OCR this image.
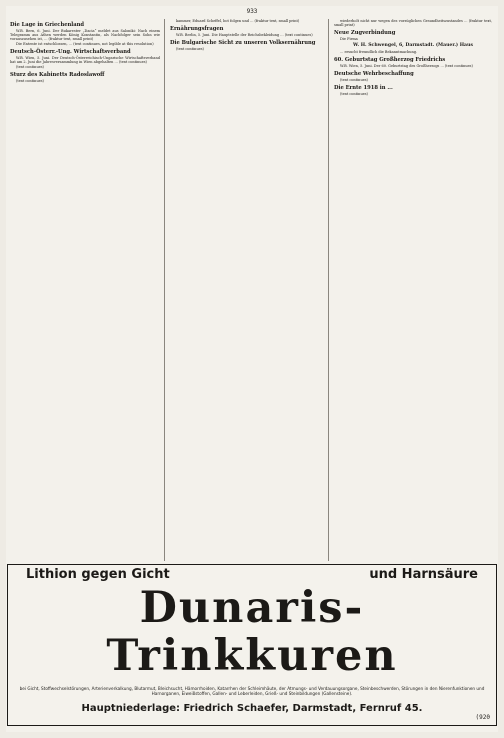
933
Die Lage in Griechenland
W.B. Bern, 6. Juni. Der Bukarester „Dacia“ meldet aus Saloniki: Nach einem Telegramm aus Athen werden König Konstantin, als Nachfolger sein Sohn wie vorauszusehen ist, ... (fraktur text, small print)
Die Entente ist entschlossen, ... (text continues, not legible at this resolution)
Deutsch-Österr.-Ung. Wirtschaftsverband
W.B. Wien, 5. Juni. Der Deutsch-Österreichisch-Ungarische Wirtschaftsverband hat am 2. Juni die Jahresversammlung in Wien abgehalten ... (text continues)
(text continues)
Sturz des Kabinetts Radoslawoff
(text continues)
kammer, Eduard Scheffel, bot folgen und ... (fraktur text, small print)
Ernährungsfragen
W.B. Berlin, 5. Juni. Die Hauptstelle der Reichsbekleidung ... (text continues)
Die Bulgarische Sicht zu unseren Volksernährung
(text continues)
wiederholt nicht nur wegen des vorzüglichen Gesundheitszustandes ... (fraktur text, small print)
Neue Zugverbindung
Die Firma
W. H. Schwengel, 6, Darmstadt. (Mauer.) Haus
... ersucht freundlich die Bekanntmachung.
60. Geburtstag Großherzog Friedrichs
W.B. Wien, 5. Juni. Der 60. Geburtstag des Großherzogs ... (text continues)
Deutsche Wehrbeschaffung
(text continues)
Die Ernte 1918 in ...
(text continues)
Lithion gegen Gicht	und Harnsäure
Dunaris-Trinkkuren
bei Gicht, Stoffwechselstörungen, Arterienverkalkung, Blutarmut, Bleichsucht, Hämorrhoiden, Katarrhen der Schleimhäute, der Atmungs- und Verdauungsorgane, Steinbeschwerden, Störungen in den Nierenfunktionen und Harnorganen, Eiweißstoffen, Gallen- und Leberleiden, Grieß- und Steinbildungen (Gallensteine).
Hauptniederlage: Friedrich Schaefer, Darmstadt, Fernruf 45.
(920
